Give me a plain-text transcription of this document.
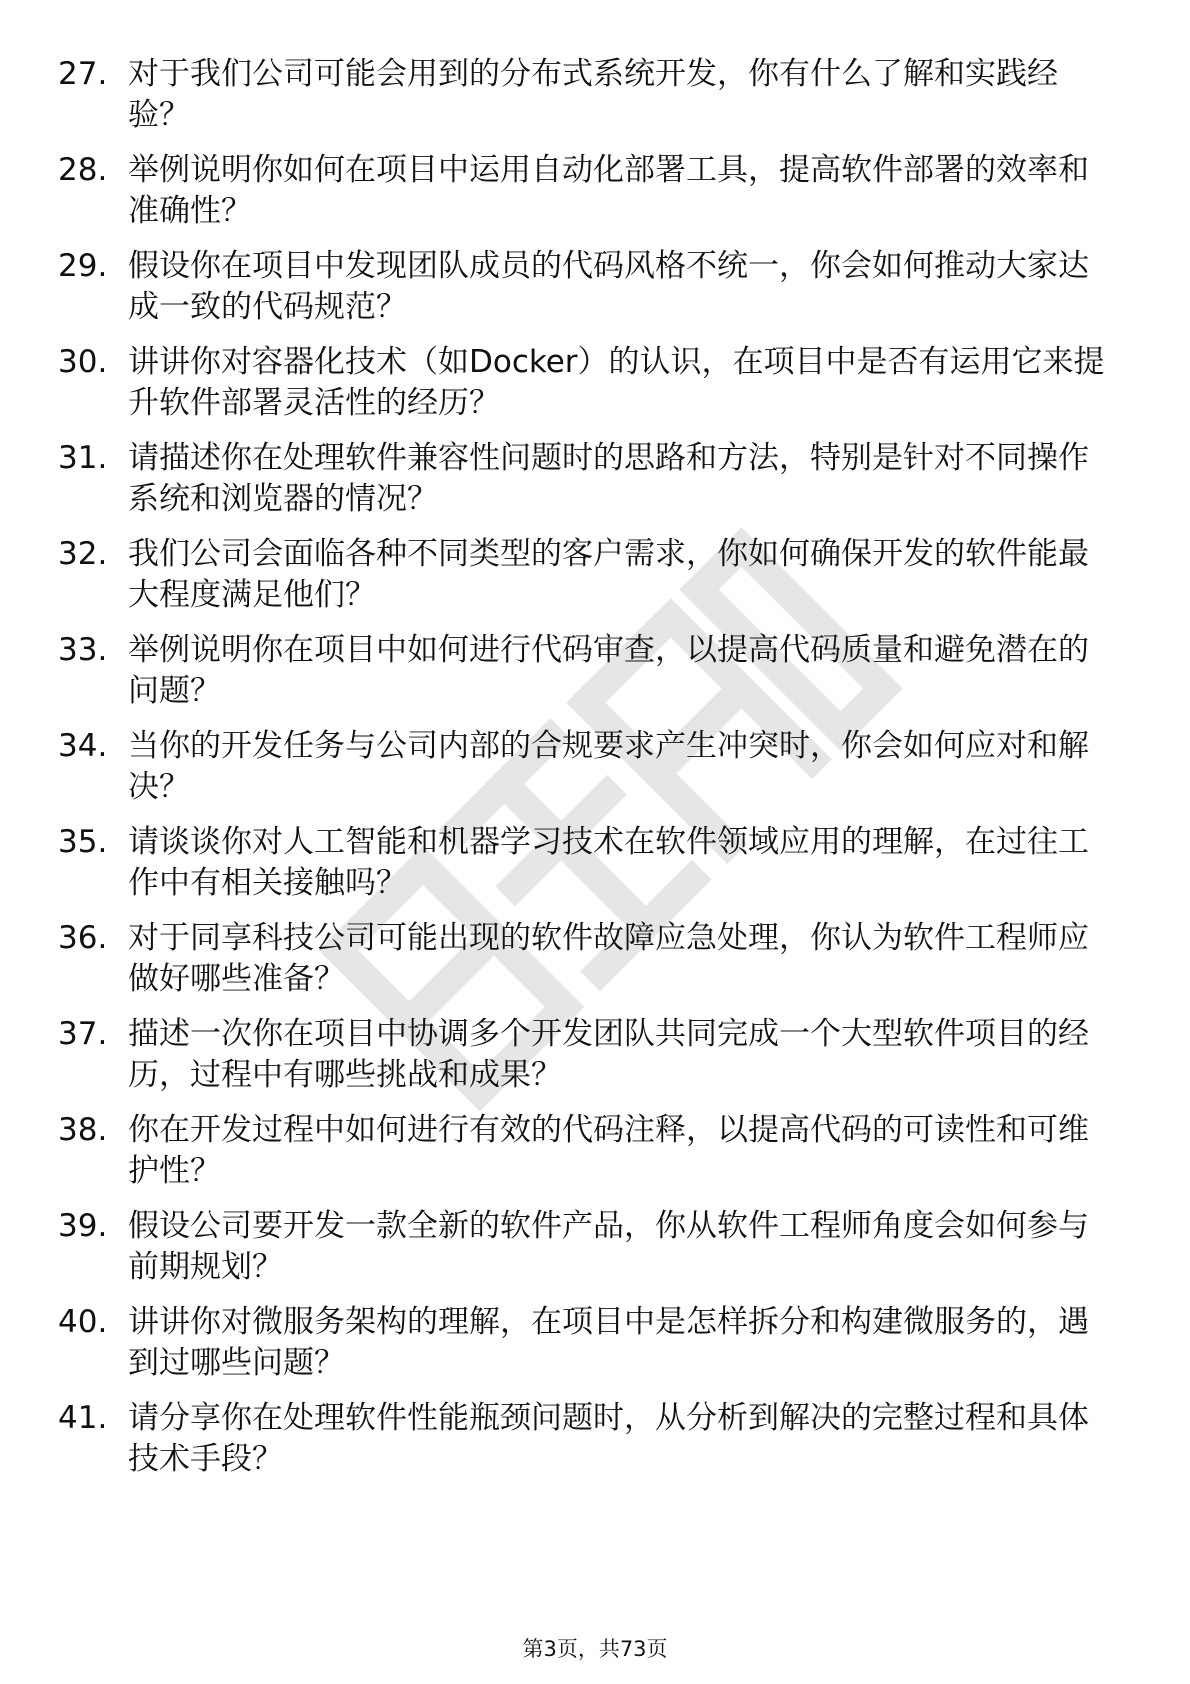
27. 对于我们公司可能会用到的分布式系统开发，你有什么了解和实践经验？
28. 举例说明你如何在项目中运用自动化部署工具，提高软件部署的效率和准确性？
29. 假设你在项目中发现团队成员的代码风格不统一，你会如何推动大家达成一致的代码规范？
30. 讲讲你对容器化技术（如Docker）的认识，在项目中是否有运用它来提升软件部署灵活性的经历？
31. 请描述你在处理软件兼容性问题时的思路和方法，特别是针对不同操作系统和浏览器的情况？
32. 我们公司会面临各种不同类型的客户需求，你如何确保开发的软件能最大程度满足他们？
33. 举例说明你在项目中如何进行代码审查，以提高代码质量和避免潜在的问题？
34. 当你的开发任务与公司内部的合规要求产生冲突时，你会如何应对和解决？
35. 请谈谈你对人工智能和机器学习技术在软件领域应用的理解，在过往工作中有相关接触吗？
36. 对于同享科技公司可能出现的软件故障应急处理，你认为软件工程师应做好哪些准备？
37. 描述一次你在项目中协调多个开发团队共同完成一个大型软件项目的经历，过程中有哪些挑战和成果？
38. 你在开发过程中如何进行有效的代码注释，以提高代码的可读性和可维护性？
39. 假设公司要开发一款全新的软件产品，你从软件工程师角度会如何参与前期规划？
40. 讲讲你对微服务架构的理解，在项目中是怎样拆分和构建微服务的，遇到过哪些问题？
41. 请分享你在处理软件性能瓶颈问题时，从分析到解决的完整过程和具体技术手段？
第3页，共73页
